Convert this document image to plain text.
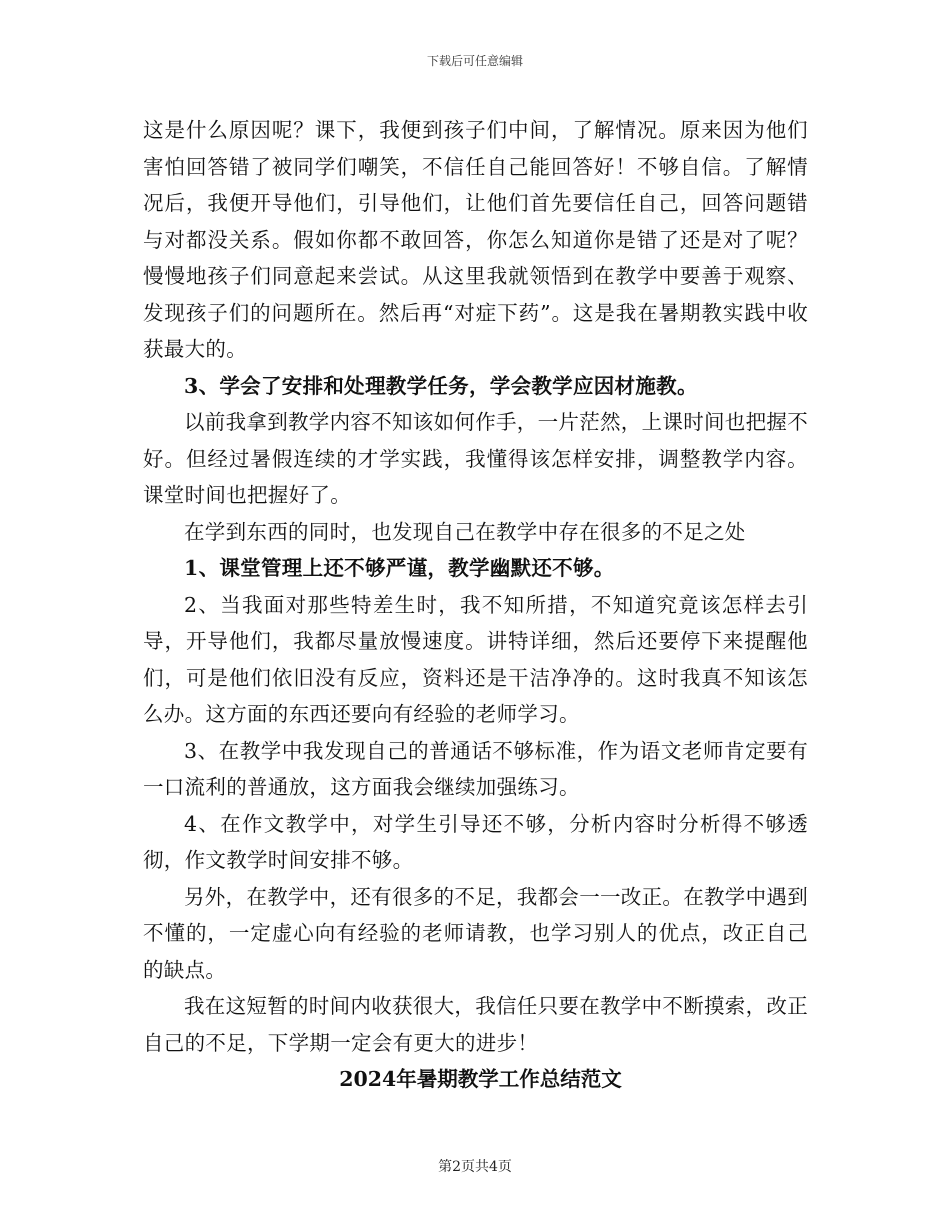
下载后可任意编辑

这是什么原因呢？课下，我便到孩子们中间，了解情况。原来因为他们害怕回答错了被同学们嘲笑，不信任自己能回答好！不够自信。了解情况后，我便开导他们，引导他们，让他们首先要信任自己，回答问题错与对都没关系。假如你都不敢回答，你怎么知道你是错了还是对了呢？慢慢地孩子们同意起来尝试。从这里我就领悟到在教学中要善于观察、发现孩子们的问题所在。然后再“对症下药”。这是我在暑期教实践中收获最大的。

3、学会了安排和处理教学任务，学会教学应因材施教。

以前我拿到教学内容不知该如何作手，一片茫然，上课时间也把握不好。但经过暑假连续的才学实践，我懂得该怎样安排，调整教学内容。课堂时间也把握好了。

在学到东西的同时，也发现自己在教学中存在很多的不足之处

1、课堂管理上还不够严谨，教学幽默还不够。

2、当我面对那些特差生时，我不知所措，不知道究竟该怎样去引导，开导他们，我都尽量放慢速度。讲特详细，然后还要停下来提醒他们，可是他们依旧没有反应，资料还是干洁净净的。这时我真不知该怎么办。这方面的东西还要向有经验的老师学习。

3、在教学中我发现自己的普通话不够标准，作为语文老师肯定要有一口流利的普通放，这方面我会继续加强练习。

4、在作文教学中，对学生引导还不够，分析内容时分析得不够透彻，作文教学时间安排不够。

另外，在教学中，还有很多的不足，我都会一一改正。在教学中遇到不懂的，一定虚心向有经验的老师请教，也学习别人的优点，改正自己的缺点。

我在这短暂的时间内收获很大，我信任只要在教学中不断摸索，改正自己的不足，下学期一定会有更大的进步！

2024年暑期教学工作总结范文

第2页共4页
